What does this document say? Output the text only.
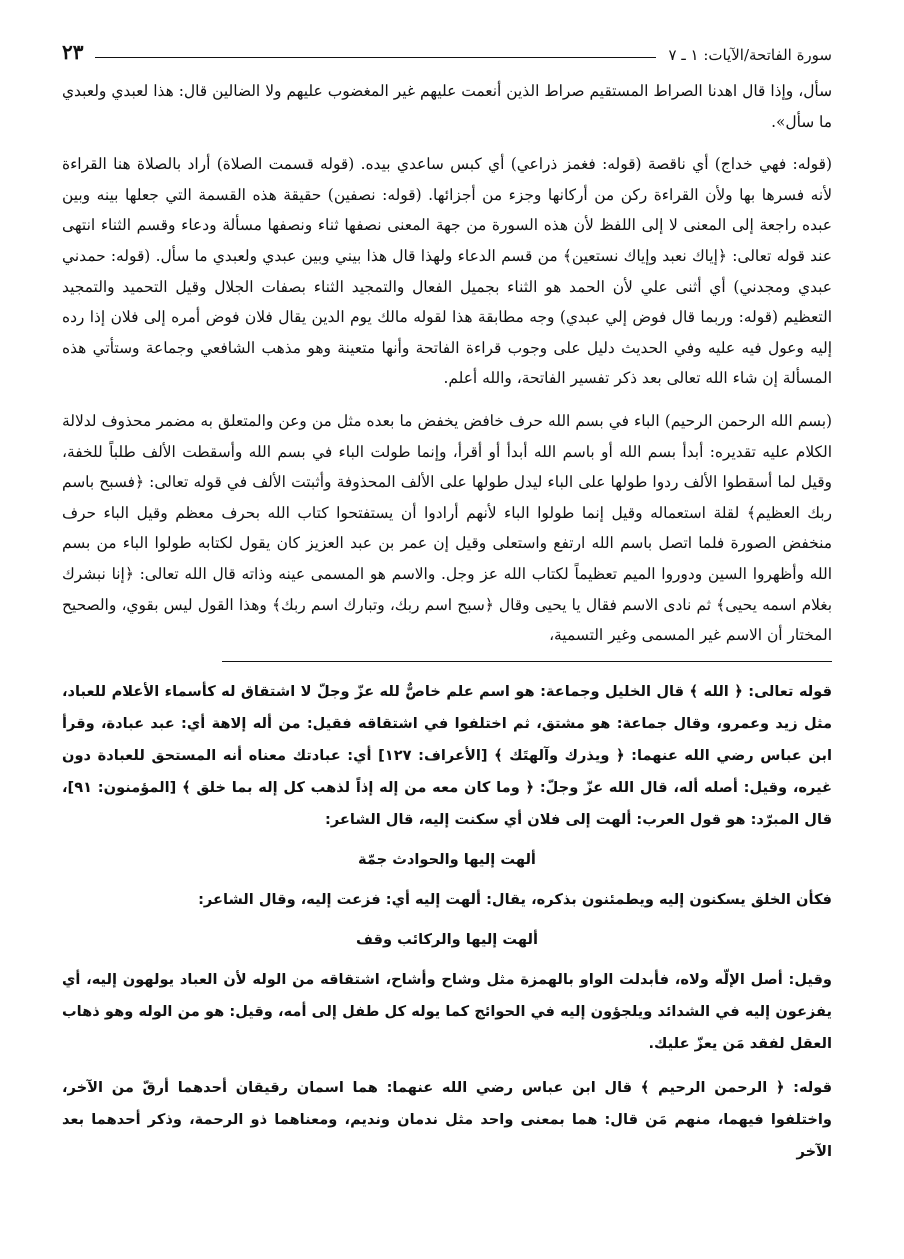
سورة الفاتحة/الآيات: ١ ـ ٧
٢٣

سأل، وإذا قال اهدنا الصراط المستقيم صراط الذين أنعمت عليهم غير المغضوب عليهم ولا الضالين قال: هذا لعبدي ولعبدي ما سأل».

(قوله: فهي خداج) أي ناقصة (قوله: فغمز ذراعي) أي كبس ساعدي بيده. (قوله قسمت الصلاة) أراد بالصلاة هنا القراءة لأنه فسرها بها ولأن القراءة ركن من أركانها وجزء من أجزائها. (قوله: نصفين) حقيقة هذه القسمة التي جعلها بينه وبين عبده راجعة إلى المعنى لا إلى اللفظ لأن هذه السورة من جهة المعنى نصفها ثناء ونصفها مسألة ودعاء وقسم الثناء انتهى عند قوله تعالى: ﴿إياك نعبد وإياك نستعين﴾ من قسم الدعاء ولهذا قال هذا بيني وبين عبدي ولعبدي ما سأل. (قوله: حمدني عبدي ومجدني) أي أثنى علي لأن الحمد هو الثناء بجميل الفعال والتمجيد الثناء بصفات الجلال وقيل التحميد والتمجيد التعظيم (قوله: وربما قال فوض إلي عبدي) وجه مطابقة هذا لقوله مالك يوم الدين يقال فلان فوض أمره إلى فلان إذا رده إليه وعول فيه عليه وفي الحديث دليل على وجوب قراءة الفاتحة وأنها متعينة وهو مذهب الشافعي وجماعة وستأتي هذه المسألة إن شاء الله تعالى بعد ذكر تفسير الفاتحة، والله أعلم.

(بسم الله الرحمن الرحيم) الباء في بسم الله حرف خافض يخفض ما بعده مثل من وعن والمتعلق به مضمر محذوف لدلالة الكلام عليه تقديره: أبدأ بسم الله أو باسم الله أبدأ أو أقرأ، وإنما طولت الباء في بسم الله وأسقطت الألف طلباً للخفة، وقيل لما أسقطوا الألف ردوا طولها على الباء ليدل طولها على الألف المحذوفة وأثبتت الألف في قوله تعالى: ﴿فسبح باسم ربك العظيم﴾ لقلة استعماله وقيل إنما طولوا الباء لأنهم أرادوا أن يستفتحوا كتاب الله بحرف معظم وقيل الباء حرف منخفض الصورة فلما اتصل باسم الله ارتفع واستعلى وقيل إن عمر بن عبد العزيز كان يقول لكتابه طولوا الباء من بسم الله وأظهروا السين ودوروا الميم تعظيماً لكتاب الله عز وجل. والاسم هو المسمى عينه وذاته قال الله تعالى: ﴿إنا نبشرك بغلام اسمه يحيى﴾ ثم نادى الاسم فقال يا يحيى وقال ﴿سبح اسم ربك، وتبارك اسم ربك﴾ وهذا القول ليس بقوي، والصحيح المختار أن الاسم غير المسمى وغير التسمية،

قوله تعالى: ﴿ الله ﴾ قال الخليل وجماعة: هو اسم علم خاصٌّ لله عزّ وجلّ لا اشتقاق له كأسماء الأعلام للعباد، مثل زيد وعمرو، وقال جماعة: هو مشتق، ثم اختلفوا في اشتقاقه فقيل: من أله إلاهة أي: عبد عبادة، وقرأ ابن عباس رضي الله عنهما: ﴿ ويذرك وآلهتَك ﴾ [الأعراف: ١٢٧] أي: عبادتك معناه أنه المستحق للعبادة دون غيره، وقيل: أصله أله، قال الله عزّ وجلّ: ﴿ وما كان معه من إله إذاً لذهب كل إله بما خلق ﴾ [المؤمنون: ٩١]، قال المبرّد: هو قول العرب: ألهت إلى فلان أي سكنت إليه، قال الشاعر:

ألهت إليها والحوادث جمّة

فكأن الخلق يسكنون إليه ويطمئنون بذكره، يقال: ألهت إليه أي: فزعت إليه، وقال الشاعر:

ألهت إليها والركائب وقف

وقيل: أصل الإلّه ولاه، فأبدلت الواو بالهمزة مثل وشاح وأشاح، اشتقاقه من الوله لأن العباد يولهون إليه، أي يفزعون إليه في الشدائد ويلجؤون إليه في الحوائج كما يوله كل طفل إلى أمه، وقيل: هو من الوله وهو ذهاب العقل لفقد مَن يعزّ عليك.

قوله: ﴿ الرحمن الرحيم ﴾ قال ابن عباس رضي الله عنهما: هما اسمان رقيقان أحدهما أرقّ من الآخر، واختلفوا فيهما، منهم مَن قال: هما بمعنى واحد مثل ندمان ونديم، ومعناهما ذو الرحمة، وذكر أحدهما بعد الآخر
